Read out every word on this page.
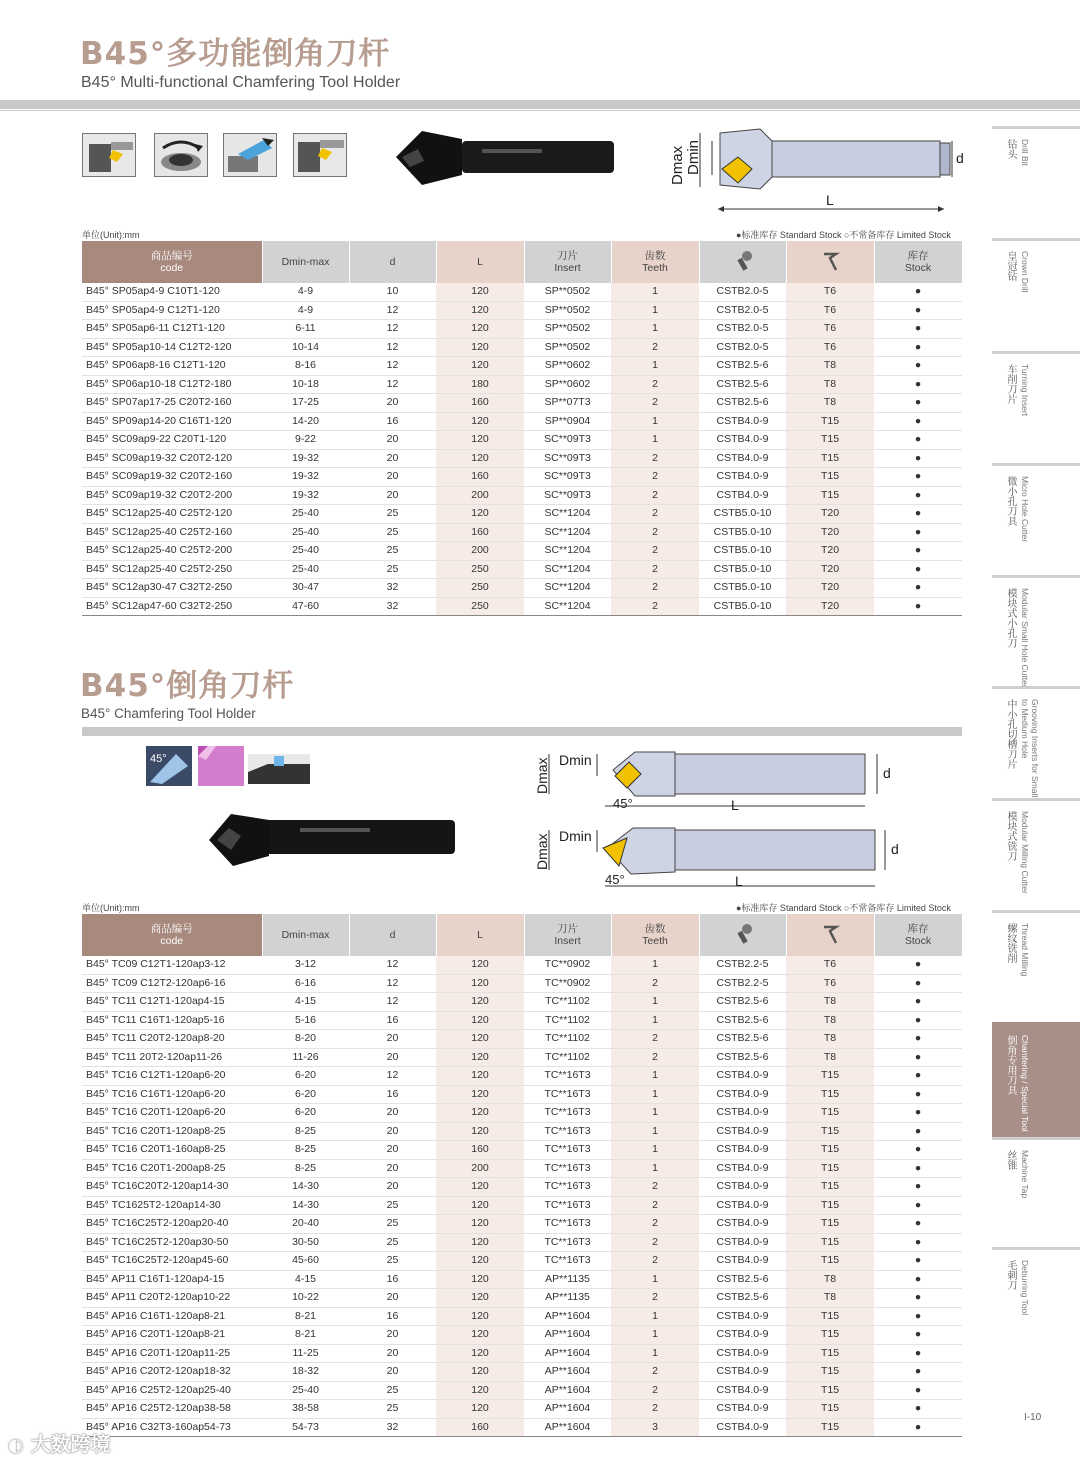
B45°多功能倒角刀杆
B45° Multi-functional Chamfering Tool Holder
Dmax Dmin	d
L
单位(Unit):mm	●标准库存 Standard Stock ○不常备库存 Limited Stock
商品编号
code	Dmin-max	d	L	刀片
Insert	齿数
Teeth			库存
Stock
B45° SP05ap4-9 C10T1-120	4-9	10	120	SP**0502	1	CSTB2.0-5	T6	●
B45° SP05ap4-9 C12T1-120	4-9	12	120	SP**0502	1	CSTB2.0-5	T6	●
B45° SP05ap6-11 C12T1-120	6-11	12	120	SP**0502	1	CSTB2.0-5	T6	●
B45° SP05ap10-14 C12T2-120	10-14	12	120	SP**0502	2	CSTB2.0-5	T6	●
B45° SP06ap8-16 C12T1-120	8-16	12	120	SP**0602	1	CSTB2.5-6	T8	●
B45° SP06ap10-18 C12T2-180	10-18	12	180	SP**0602	2	CSTB2.5-6	T8	●
B45° SP07ap17-25 C20T2-160	17-25	20	160	SP**07T3	2	CSTB2.5-6	T8	●
B45° SP09ap14-20 C16T1-120	14-20	16	120	SP**0904	1	CSTB4.0-9	T15	●
B45° SC09ap9-22 C20T1-120	9-22	20	120	SC**09T3	1	CSTB4.0-9	T15	●
B45° SC09ap19-32 C20T2-120	19-32	20	120	SC**09T3	2	CSTB4.0-9	T15	●
B45° SC09ap19-32 C20T2-160	19-32	20	160	SC**09T3	2	CSTB4.0-9	T15	●
B45° SC09ap19-32 C20T2-200	19-32	20	200	SC**09T3	2	CSTB4.0-9	T15	●
B45° SC12ap25-40 C25T2-120	25-40	25	120	SC**1204	2	CSTB5.0-10	T20	●
B45° SC12ap25-40 C25T2-160	25-40	25	160	SC**1204	2	CSTB5.0-10	T20	●
B45° SC12ap25-40 C25T2-200	25-40	25	200	SC**1204	2	CSTB5.0-10	T20	●
B45° SC12ap25-40 C25T2-250	25-40	25	250	SC**1204	2	CSTB5.0-10	T20	●
B45° SC12ap30-47 C32T2-250	30-47	32	250	SC**1204	2	CSTB5.0-10	T20	●
B45° SC12ap47-60 C32T2-250	47-60	32	250	SC**1204	2	CSTB5.0-10	T20	●
B45°倒角刀杆
B45° Chamfering Tool Holder
45°	Dmax Dmin
d
45°	L
Dmax Dmin
d
45°	L
单位(Unit):mm	●标准库存 Standard Stock ○不常备库存 Limited Stock
商品编号
code	Dmin-max	d	L	刀片
Insert	齿数
Teeth			库存
Stock
B45° TC09 C12T1-120ap3-12	3-12	12	120	TC**0902	1	CSTB2.2-5	T6	●
B45° TC09 C12T2-120ap6-16	6-16	12	120	TC**0902	2	CSTB2.2-5	T6	●
B45° TC11 C12T1-120ap4-15	4-15	12	120	TC**1102	1	CSTB2.5-6	T8	●
B45° TC11 C16T1-120ap5-16	5-16	16	120	TC**1102	1	CSTB2.5-6	T8	●
B45° TC11 C20T2-120ap8-20	8-20	20	120	TC**1102	2	CSTB2.5-6	T8	●
B45° TC11 20T2-120ap11-26	11-26	20	120	TC**1102	2	CSTB2.5-6	T8	●
B45° TC16 C12T1-120ap6-20	6-20	12	120	TC**16T3	1	CSTB4.0-9	T15	●
B45° TC16 C16T1-120ap6-20	6-20	16	120	TC**16T3	1	CSTB4.0-9	T15	●
B45° TC16 C20T1-120ap6-20	6-20	20	120	TC**16T3	1	CSTB4.0-9	T15	●
B45° TC16 C20T1-120ap8-25	8-25	20	120	TC**16T3	1	CSTB4.0-9	T15	●
B45° TC16 C20T1-160ap8-25	8-25	20	160	TC**16T3	1	CSTB4.0-9	T15	●
B45° TC16 C20T1-200ap8-25	8-25	20	200	TC**16T3	1	CSTB4.0-9	T15	●
B45° TC16C20T2-120ap14-30	14-30	20	120	TC**16T3	2	CSTB4.0-9	T15	●
B45° TC1625T2-120ap14-30	14-30	25	120	TC**16T3	2	CSTB4.0-9	T15	●
B45° TC16C25T2-120ap20-40	20-40	25	120	TC**16T3	2	CSTB4.0-9	T15	●
B45° TC16C25T2-120ap30-50	30-50	25	120	TC**16T3	2	CSTB4.0-9	T15	●
B45° TC16C25T2-120ap45-60	45-60	25	120	TC**16T3	2	CSTB4.0-9	T15	●
B45° AP11 C16T1-120ap4-15	4-15	16	120	AP**1135	1	CSTB2.5-6	T8	●
B45° AP11 C20T2-120ap10-22	10-22	20	120	AP**1135	2	CSTB2.5-6	T8	●
B45° AP16 C16T1-120ap8-21	8-21	16	120	AP**1604	1	CSTB4.0-9	T15	●
B45° AP16 C20T1-120ap8-21	8-21	20	120	AP**1604	1	CSTB4.0-9	T15	●
B45° AP16 C20T1-120ap11-25	11-25	20	120	AP**1604	1	CSTB4.0-9	T15	●
B45° AP16 C20T2-120ap18-32	18-32	20	120	AP**1604	2	CSTB4.0-9	T15	●
B45° AP16 C25T2-120ap25-40	25-40	25	120	AP**1604	2	CSTB4.0-9	T15	●
B45° AP16 C25T2-120ap38-58	38-58	25	120	AP**1604	2	CSTB4.0-9	T15	●
B45° AP16 C32T3-160ap54-73	54-73	32	160	AP**1604	3	CSTB4.0-9	T15	●
钻头 Drill Bit
皇冠钻 Crown Drill
车削刀片 Turning Insert
微小孔刀具 Micro Hole Cutter
模块式小孔刀 Modular Small Hole Cutter
中小孔切槽刀片	Grooving Inserts for Small to Medium Hole
模块式铣刀 Modular Milling Cutter
螺纹铣削 Thread Milling
倒角专用刀具 Chamfering / Special Tool
丝锥 Machine Tap
毛刺刀 Deburring Tool
I-10
◐ 大数跨境
